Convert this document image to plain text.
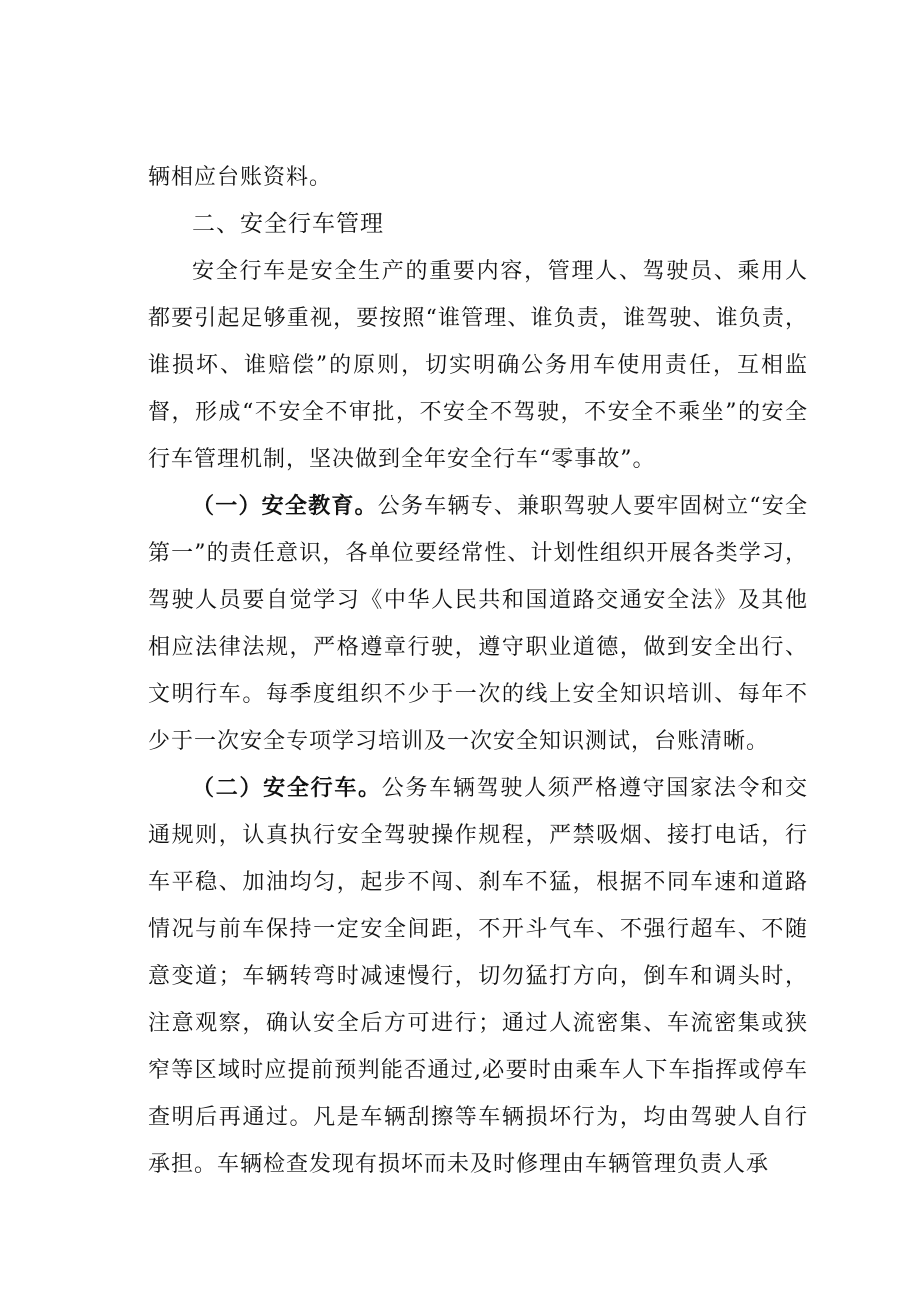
辆相应台账资料。

二、安全行车管理

安全行车是安全生产的重要内容，管理人、驾驶员、乘用人都要引起足够重视，要按照“谁管理、谁负责，谁驾驶、谁负责，谁损坏、谁赔偿”的原则，切实明确公务用车使用责任，互相监督，形成“不安全不审批，不安全不驾驶，不安全不乘坐”的安全行车管理机制，坚决做到全年安全行车“零事故”。

（一）安全教育。公务车辆专、兼职驾驶人要牢固树立“安全第一”的责任意识，各单位要经常性、计划性组织开展各类学习，驾驶人员要自觉学习《中华人民共和国道路交通安全法》及其他相应法律法规，严格遵章行驶，遵守职业道德，做到安全出行、文明行车。每季度组织不少于一次的线上安全知识培训、每年不少于一次安全专项学习培训及一次安全知识测试，台账清晰。

（二）安全行车。公务车辆驾驶人须严格遵守国家法令和交通规则，认真执行安全驾驶操作规程，严禁吸烟、接打电话，行车平稳、加油均匀，起步不闯、刹车不猛，根据不同车速和道路情况与前车保持一定安全间距，不开斗气车、不强行超车、不随意变道；车辆转弯时减速慢行，切勿猛打方向，倒车和调头时，注意观察，确认安全后方可进行；通过人流密集、车流密集或狭窄等区域时应提前预判能否通过,必要时由乘车人下车指挥或停车查明后再通过。凡是车辆刮擦等车辆损坏行为，均由驾驶人自行承担。车辆检查发现有损坏而未及时修理由车辆管理负责人承
